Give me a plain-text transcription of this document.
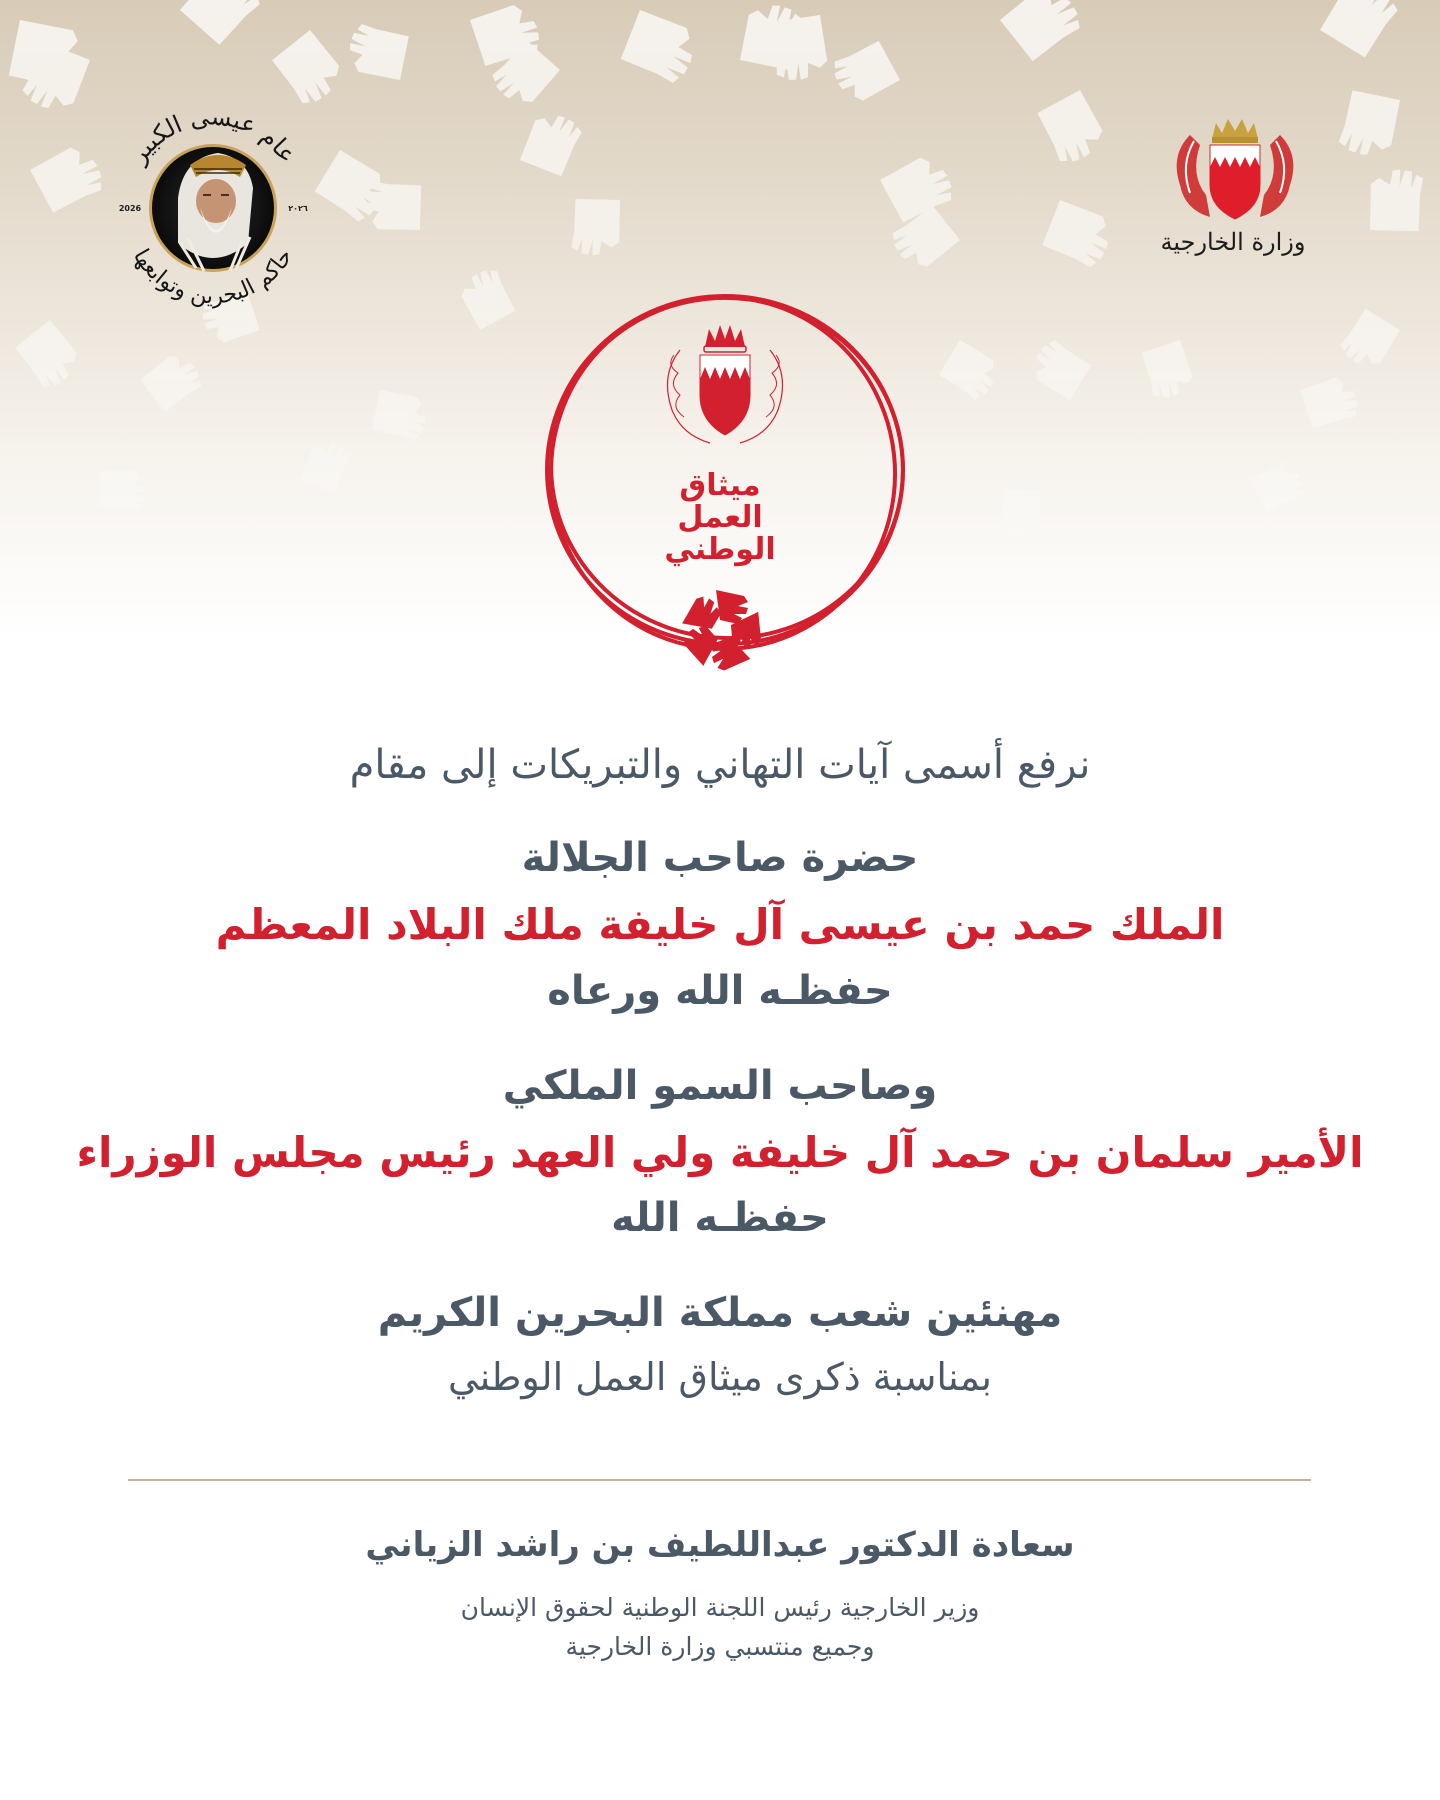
عام عيسى الكبير
حاكم البحرين وتوابعها
2026	٢٠٢٦
وزارة الخارجية
ميثاق
العمل
الوطني
نرفع أسمى آيات التهاني والتبريكات إلى مقام
حضرة صاحب الجلالة
الملك حمد بن عيسى آل خليفة ملك البلاد المعظم
حفظـه الله ورعاه
وصاحب السمو الملكي
الأمير سلمان بن حمد آل خليفة ولي العهد رئيس مجلس الوزراء
حفظـه الله
مهنئين شعب مملكة البحرين الكريم
بمناسبة ذكرى ميثاق العمل الوطني
سعادة الدكتور عبداللطيف بن راشد الزياني
وزير الخارجية رئيس اللجنة الوطنية لحقوق الإنسان
وجميع منتسبي وزارة الخارجية
